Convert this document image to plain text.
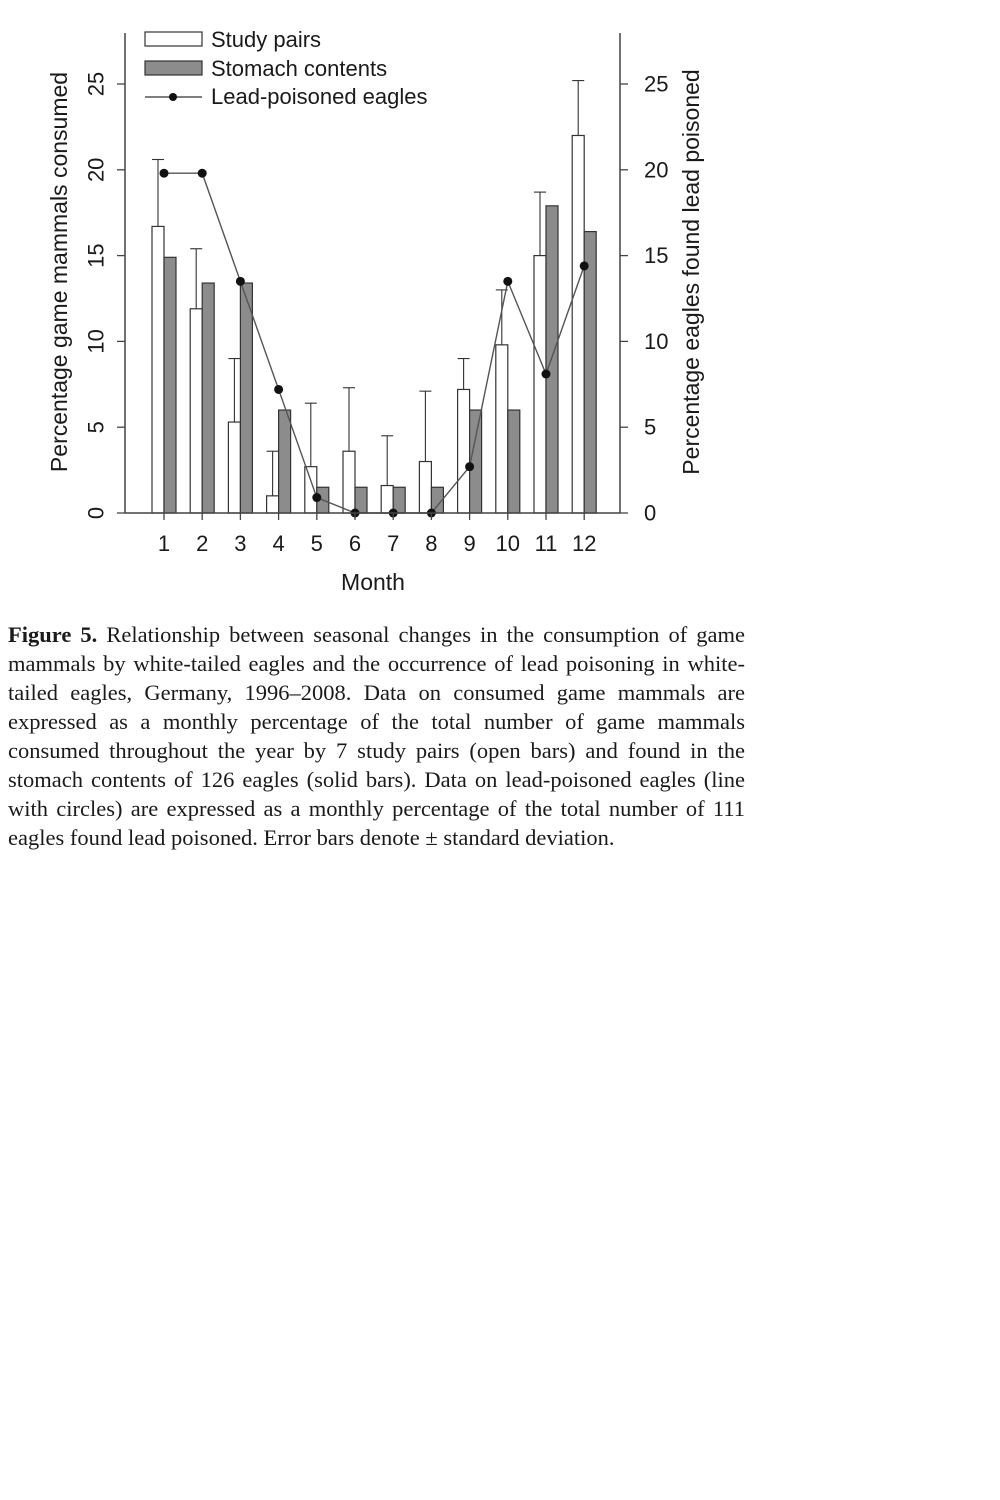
0	0
5	5
10	10
15	15
20	20
25	25
1 2 3 4 5 6 7 8 9 10 11 12
Percentage game mammals consumed	Percentage eagles found lead poisoned
Month
Study pairs
Stomach contents
Lead-poisoned eagles

Figure 5. Relationship between seasonal changes in the consumption of game mammals by white-tailed eagles and the occurrence of lead poisoning in white-tailed eagles, Germany, 1996–2008. Data on consumed game mammals are expressed as a monthly percentage of the total number of game mammals consumed throughout the year by 7 study pairs (open bars) and found in the stomach contents of 126 eagles (solid bars). Data on lead-poisoned eagles (line with circles) are expressed as a monthly percentage of the total number of 111 eagles found lead poisoned. Error bars denote ± standard deviation.
